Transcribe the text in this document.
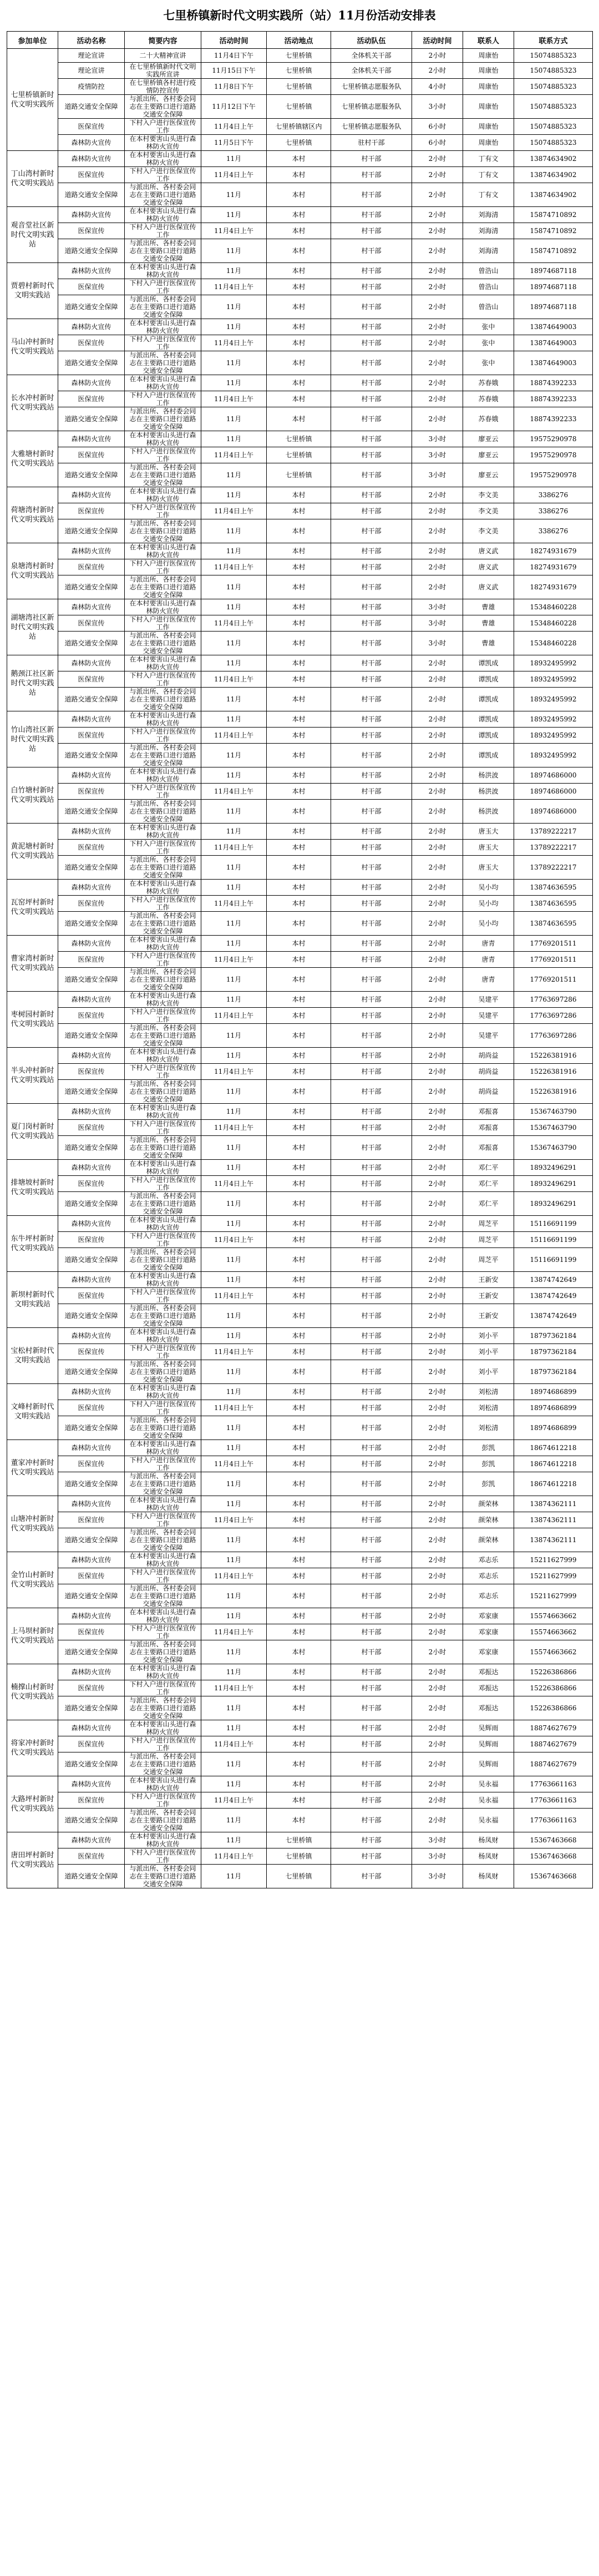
七里桥镇新时代文明实践所（站）11月份活动安排表
参加单位	活动名称	简要内容	活动时间	活动地点	活动队伍	活动时间	联系人	联系方式
七里桥镇新时代文明实践所	理论宣讲	二十大精神宣讲	11月4日下午	七里桥镇	全体机关干部	2小时	周康怡	15074885323
	理论宣讲	在七里桥镇新时代文明实践所宣讲	11月15日下午	七里桥镇	全体机关干部	2小时	周康怡	15074885323
	疫情防控	在七里桥镇各村进行疫情防控宣传	11月8日下午	七里桥镇	七里桥镇志愿服务队	4小时	周康怡	15074885323
	道路交通安全保障	与派出所、各村委会同志在主要路口进行道路交通安全保障	11月12日下午	七里桥镇	七里桥镇志愿服务队	3小时	周康怡	15074885323
	医保宣传	下村入户进行医保宣传工作	11月4日上午	七里桥镇辖区内	七里桥镇志愿服务队	6小时	周康怡	15074885323
	森林防火宣传	在本村要害山头进行森林防火宣传	11月5日下午	七里桥镇	驻村干部	6小时	周康怡	15074885323
丁山湾村新时代文明实践站	森林防火宣传	在本村要害山头进行森林防火宣传	11月	本村	村干部	2小时	丁有文	13874634902
	医保宣传	下村入户进行医保宣传工作	11月4日上午	本村	村干部	2小时	丁有文	13874634902
	道路交通安全保障	与派出所、各村委会同志在主要路口进行道路交通安全保障	11月	本村	村干部	2小时	丁有文	13874634902
观音堂社区新时代文明实践站	森林防火宣传	在本村要害山头进行森林防火宣传	11月	本村	村干部	2小时	刘海清	15874710892
	医保宣传	下村入户进行医保宣传工作	11月4日上午	本村	村干部	2小时	刘海清	15874710892
	道路交通安全保障	与派出所、各村委会同志在主要路口进行道路交通安全保障	11月	本村	村干部	2小时	刘海清	15874710892
贾碧村新时代文明实践站	森林防火宣传	在本村要害山头进行森林防火宣传	11月	本村	村干部	2小时	曾浩山	18974687118
	医保宣传	下村入户进行医保宣传工作	11月4日上午	本村	村干部	2小时	曾浩山	18974687118
	道路交通安全保障	与派出所、各村委会同志在主要路口进行道路交通安全保障	11月	本村	村干部	2小时	曾浩山	18974687118
马山冲村新时代文明实践站	森林防火宣传	在本村要害山头进行森林防火宣传	11月	本村	村干部	2小时	张中	13874649003
	医保宣传	下村入户进行医保宣传工作	11月4日上午	本村	村干部	2小时	张中	13874649003
	道路交通安全保障	与派出所、各村委会同志在主要路口进行道路交通安全保障	11月	本村	村干部	2小时	张中	13874649003
长水冲村新时代文明实践站	森林防火宣传	在本村要害山头进行森林防火宣传	11月	本村	村干部	2小时	苏春娥	18874392233
	医保宣传	下村入户进行医保宣传工作	11月4日上午	本村	村干部	2小时	苏春娥	18874392233
	道路交通安全保障	与派出所、各村委会同志在主要路口进行道路交通安全保障	11月	本村	村干部	2小时	苏春娥	18874392233
大雅塘村新时代文明实践站	森林防火宣传	在本村要害山头进行森林防火宣传	11月	七里桥镇	村干部	3小时	廖亚云	19575290978
	医保宣传	下村入户进行医保宣传工作	11月4日上午	七里桥镇	村干部	3小时	廖亚云	19575290978
	道路交通安全保障	与派出所、各村委会同志在主要路口进行道路交通安全保障	11月	七里桥镇	村干部	3小时	廖亚云	19575290978
荷塘湾村新时代文明实践站	森林防火宣传	在本村要害山头进行森林防火宣传	11月	本村	村干部	2小时	李文美	3386276
	医保宣传	下村入户进行医保宣传工作	11月4日上午	本村	村干部	2小时	李文美	3386276
	道路交通安全保障	与派出所、各村委会同志在主要路口进行道路交通安全保障	11月	本村	村干部	2小时	李文美	3386276
泉塘湾村新时代文明实践站	森林防火宣传	在本村要害山头进行森林防火宣传	11月	本村	村干部	2小时	唐义武	18274931679
	医保宣传	下村入户进行医保宣传工作	11月4日上午	本村	村干部	2小时	唐义武	18274931679
	道路交通安全保障	与派出所、各村委会同志在主要路口进行道路交通安全保障	11月	本村	村干部	2小时	唐义武	18274931679
湖塘湾社区新时代文明实践站	森林防火宣传	在本村要害山头进行森林防火宣传	11月	本村	村干部	3小时	曹雄	15348460228
	医保宣传	下村入户进行医保宣传工作	11月4日上午	本村	村干部	3小时	曹雄	15348460228
	道路交通安全保障	与派出所、各村委会同志在主要路口进行道路交通安全保障	11月	本村	村干部	3小时	曹雄	15348460228
鹅颈江社区新时代文明实践站	森林防火宣传	在本村要害山头进行森林防火宣传	11月	本村	村干部	2小时	谭凯成	18932495992
	医保宣传	下村入户进行医保宣传工作	11月4日上午	本村	村干部	2小时	谭凯成	18932495992
	道路交通安全保障	与派出所、各村委会同志在主要路口进行道路交通安全保障	11月	本村	村干部	2小时	谭凯成	18932495992
竹山湾社区新时代文明实践站	森林防火宣传	在本村要害山头进行森林防火宣传	11月	本村	村干部	2小时	谭凯成	18932495992
	医保宣传	下村入户进行医保宣传工作	11月4日上午	本村	村干部	2小时	谭凯成	18932495992
	道路交通安全保障	与派出所、各村委会同志在主要路口进行道路交通安全保障	11月	本村	村干部	2小时	谭凯成	18932495992
白竹塘村新时代文明实践站	森林防火宣传	在本村要害山头进行森林防火宣传	11月	本村	村干部	2小时	杨洪波	18974686000
	医保宣传	下村入户进行医保宣传工作	11月4日上午	本村	村干部	2小时	杨洪波	18974686000
	道路交通安全保障	与派出所、各村委会同志在主要路口进行道路交通安全保障	11月	本村	村干部	2小时	杨洪波	18974686000
黄泥塘村新时代文明实践站	森林防火宣传	在本村要害山头进行森林防火宣传	11月	本村	村干部	2小时	唐玉大	13789222217
	医保宣传	下村入户进行医保宣传工作	11月4日上午	本村	村干部	2小时	唐玉大	13789222217
	道路交通安全保障	与派出所、各村委会同志在主要路口进行道路交通安全保障	11月	本村	村干部	2小时	唐玉大	13789222217
瓦窑坪村新时代文明实践站	森林防火宣传	在本村要害山头进行森林防火宣传	11月	本村	村干部	2小时	吴小均	13874636595
	医保宣传	下村入户进行医保宣传工作	11月4日上午	本村	村干部	2小时	吴小均	13874636595
	道路交通安全保障	与派出所、各村委会同志在主要路口进行道路交通安全保障	11月	本村	村干部	2小时	吴小均	13874636595
曹家湾村新时代文明实践站	森林防火宣传	在本村要害山头进行森林防火宣传	11月	本村	村干部	2小时	唐青	17769201511
	医保宣传	下村入户进行医保宣传工作	11月4日上午	本村	村干部	2小时	唐青	17769201511
	道路交通安全保障	与派出所、各村委会同志在主要路口进行道路交通安全保障	11月	本村	村干部	2小时	唐青	17769201511
枣树园村新时代文明实践站	森林防火宣传	在本村要害山头进行森林防火宣传	11月	本村	村干部	2小时	吴建平	17763697286
	医保宣传	下村入户进行医保宣传工作	11月4日上午	本村	村干部	2小时	吴建平	17763697286
	道路交通安全保障	与派出所、各村委会同志在主要路口进行道路交通安全保障	11月	本村	村干部	2小时	吴建平	17763697286
半头冲村新时代文明实践站	森林防火宣传	在本村要害山头进行森林防火宣传	11月	本村	村干部	2小时	胡尚益	15226381916
	医保宣传	下村入户进行医保宣传工作	11月4日上午	本村	村干部	2小时	胡尚益	15226381916
	道路交通安全保障	与派出所、各村委会同志在主要路口进行道路交通安全保障	11月	本村	村干部	2小时	胡尚益	15226381916
夏门岗村新时代文明实践站	森林防火宣传	在本村要害山头进行森林防火宣传	11月	本村	村干部	2小时	邓振喜	15367463790
	医保宣传	下村入户进行医保宣传工作	11月4日上午	本村	村干部	2小时	邓振喜	15367463790
	道路交通安全保障	与派出所、各村委会同志在主要路口进行道路交通安全保障	11月	本村	村干部	2小时	邓振喜	15367463790
排塘坡村新时代文明实践站	森林防火宣传	在本村要害山头进行森林防火宣传	11月	本村	村干部	2小时	邓仁平	18932496291
	医保宣传	下村入户进行医保宣传工作	11月4日上午	本村	村干部	2小时	邓仁平	18932496291
	道路交通安全保障	与派出所、各村委会同志在主要路口进行道路交通安全保障	11月	本村	村干部	2小时	邓仁平	18932496291
东牛坪村新时代文明实践站	森林防火宣传	在本村要害山头进行森林防火宣传	11月	本村	村干部	2小时	周芝平	15116691199
	医保宣传	下村入户进行医保宣传工作	11月4日上午	本村	村干部	2小时	周芝平	15116691199
	道路交通安全保障	与派出所、各村委会同志在主要路口进行道路交通安全保障	11月	本村	村干部	2小时	周芝平	15116691199
新坝村新时代文明实践站	森林防火宣传	在本村要害山头进行森林防火宣传	11月	本村	村干部	2小时	王新安	13874742649
	医保宣传	下村入户进行医保宣传工作	11月4日上午	本村	村干部	2小时	王新安	13874742649
	道路交通安全保障	与派出所、各村委会同志在主要路口进行道路交通安全保障	11月	本村	村干部	2小时	王新安	13874742649
宝松村新时代文明实践站	森林防火宣传	在本村要害山头进行森林防火宣传	11月	本村	村干部	2小时	刘小平	18797362184
	医保宣传	下村入户进行医保宣传工作	11月4日上午	本村	村干部	2小时	刘小平	18797362184
	道路交通安全保障	与派出所、各村委会同志在主要路口进行道路交通安全保障	11月	本村	村干部	2小时	刘小平	18797362184
文峰村新时代文明实践站	森林防火宣传	在本村要害山头进行森林防火宣传	11月	本村	村干部	2小时	刘松清	18974686899
	医保宣传	下村入户进行医保宣传工作	11月4日上午	本村	村干部	2小时	刘松清	18974686899
	道路交通安全保障	与派出所、各村委会同志在主要路口进行道路交通安全保障	11月	本村	村干部	2小时	刘松清	18974686899
董家冲村新时代文明实践站	森林防火宣传	在本村要害山头进行森林防火宣传	11月	本村	村干部	2小时	彭凯	18674612218
	医保宣传	下村入户进行医保宣传工作	11月4日上午	本村	村干部	2小时	彭凯	18674612218
	道路交通安全保障	与派出所、各村委会同志在主要路口进行道路交通安全保障	11月	本村	村干部	2小时	彭凯	18674612218
山塘冲村新时代文明实践站	森林防火宣传	在本村要害山头进行森林防火宣传	11月	本村	村干部	2小时	颜荣林	13874362111
	医保宣传	下村入户进行医保宣传工作	11月4日上午	本村	村干部	2小时	颜荣林	13874362111
	道路交通安全保障	与派出所、各村委会同志在主要路口进行道路交通安全保障	11月	本村	村干部	2小时	颜荣林	13874362111
金竹山村新时代文明实践站	森林防火宣传	在本村要害山头进行森林防火宣传	11月	本村	村干部	2小时	邓志乐	15211627999
	医保宣传	下村入户进行医保宣传工作	11月4日上午	本村	村干部	2小时	邓志乐	15211627999
	道路交通安全保障	与派出所、各村委会同志在主要路口进行道路交通安全保障	11月	本村	村干部	2小时	邓志乐	15211627999
上马坝村新时代文明实践站	森林防火宣传	在本村要害山头进行森林防火宣传	11月	本村	村干部	2小时	邓家康	15574663662
	医保宣传	下村入户进行医保宣传工作	11月4日上午	本村	村干部	2小时	邓家康	15574663662
	道路交通安全保障	与派出所、各村委会同志在主要路口进行道路交通安全保障	11月	本村	村干部	2小时	邓家康	15574663662
楠撑山村新时代文明实践站	森林防火宣传	在本村要害山头进行森林防火宣传	11月	本村	村干部	2小时	邓振达	15226386866
	医保宣传	下村入户进行医保宣传工作	11月4日上午	本村	村干部	2小时	邓振达	15226386866
	道路交通安全保障	与派出所、各村委会同志在主要路口进行道路交通安全保障	11月	本村	村干部	2小时	邓振达	15226386866
将家冲村新时代文明实践站	森林防火宣传	在本村要害山头进行森林防火宣传	11月	本村	村干部	2小时	吴辉雨	18874627679
	医保宣传	下村入户进行医保宣传工作	11月4日上午	本村	村干部	2小时	吴辉雨	18874627679
	道路交通安全保障	与派出所、各村委会同志在主要路口进行道路交通安全保障	11月	本村	村干部	2小时	吴辉雨	18874627679
大路坪村新时代文明实践站	森林防火宣传	在本村要害山头进行森林防火宣传	11月	本村	村干部	2小时	吴永福	17763661163
	医保宣传	下村入户进行医保宣传工作	11月4日上午	本村	村干部	2小时	吴永福	17763661163
	道路交通安全保障	与派出所、各村委会同志在主要路口进行道路交通安全保障	11月	本村	村干部	2小时	吴永福	17763661163
唐田坪村新时代文明实践站	森林防火宣传	在本村要害山头进行森林防火宣传	11月	七里桥镇	村干部	3小时	杨凤财	15367463668
	医保宣传	下村入户进行医保宣传工作	11月4日上午	七里桥镇	村干部	3小时	杨凤财	15367463668
	道路交通安全保障	与派出所、各村委会同志在主要路口进行道路交通安全保障	11月	七里桥镇	村干部	3小时	杨凤财	15367463668
